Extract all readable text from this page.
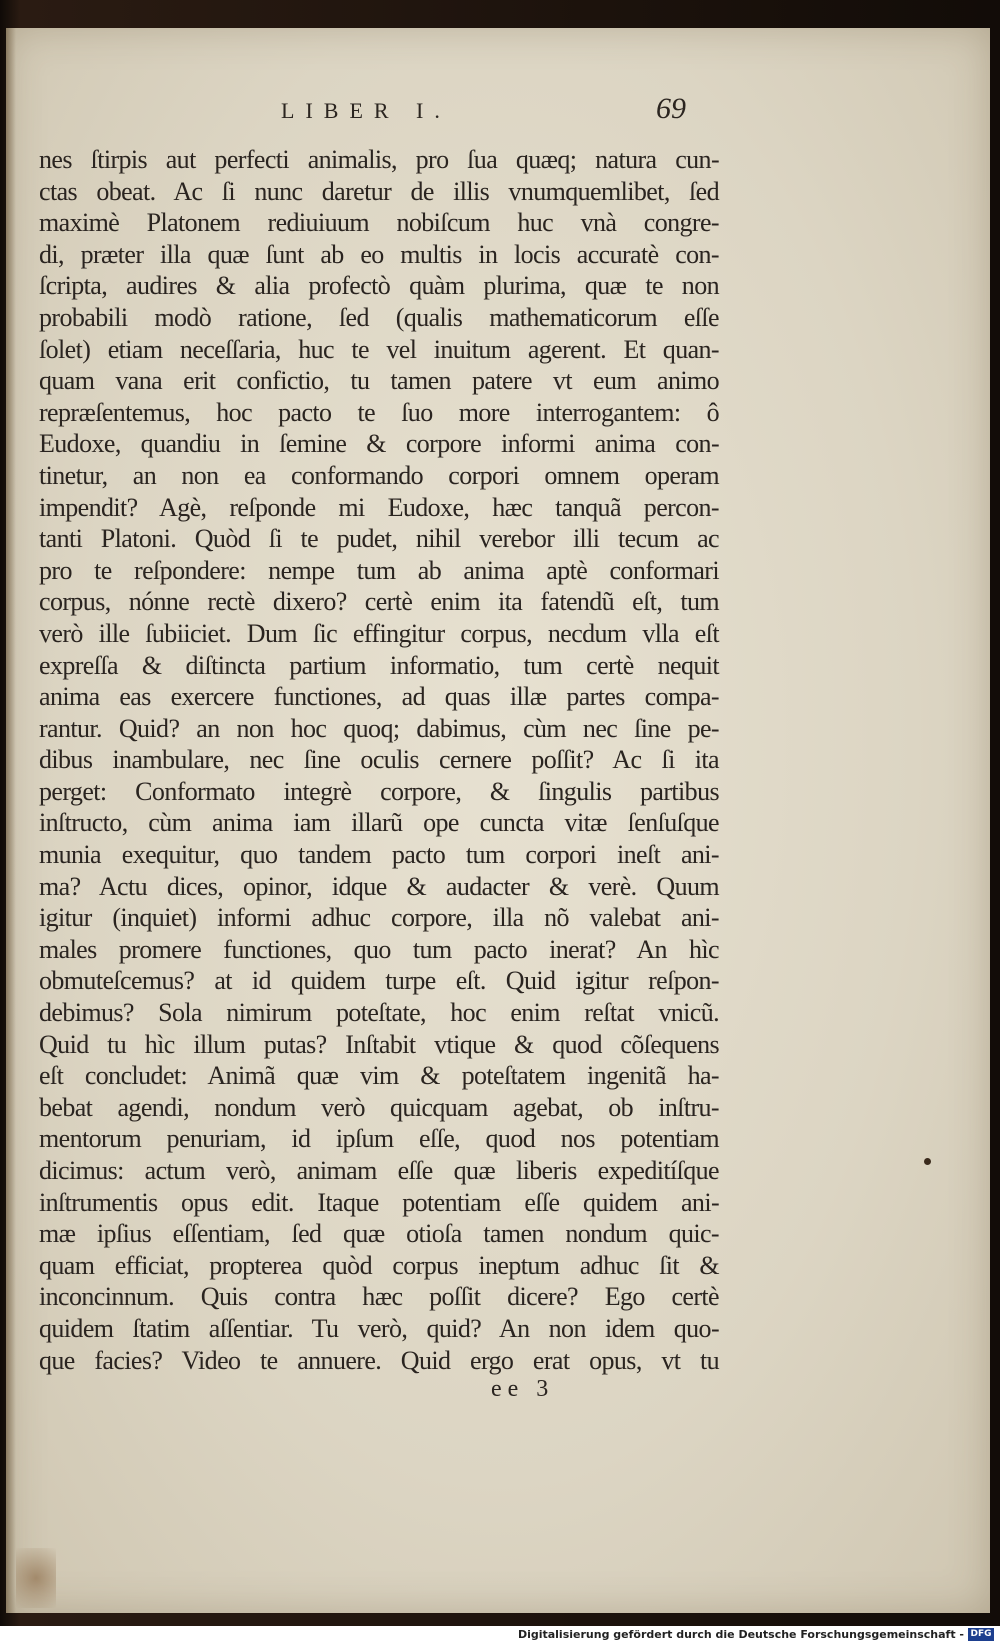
LIBER I.	69
nes ſtirpis aut perfecti animalis, pro ſua quæq; natura cun-
ctas obeat. Ac ſi nunc daretur de illis vnumquemlibet, ſed
maximè Platonem rediuiuum nobiſcum huc vnà congre-
di, præter illa quæ ſunt ab eo multis in locis accuratè con-
ſcripta, audires & alia profectò quàm plurima, quæ te non
probabili modò ratione, ſed (qualis mathematicorum eſſe
ſolet) etiam neceſſaria, huc te vel inuitum agerent. Et quan-
quam vana erit confictio, tu tamen patere vt eum animo
repræſentemus, hoc pacto te ſuo more interrogantem: ô
Eudoxe, quandiu in ſemine & corpore informi anima con-
tinetur, an non ea conformando corpori omnem operam
impendit? Agè, reſponde mi Eudoxe, hæc tanquã percon-
tanti Platoni. Quòd ſi te pudet, nihil verebor illi tecum ac
pro te reſpondere: nempe tum ab anima aptè conformari
corpus, nónne rectè dixero? certè enim ita fatendũ eſt, tum
verò ille ſubiiciet. Dum ſic effingitur corpus, necdum vlla eſt
expreſſa & diſtincta partium informatio, tum certè nequit
anima eas exercere functiones, ad quas illæ partes compa-
rantur. Quid? an non hoc quoq; dabimus, cùm nec ſine pe-
dibus inambulare, nec ſine oculis cernere poſſit? Ac ſi ita
perget: Conformato integrè corpore, & ſingulis partibus
inſtructo, cùm anima iam illarũ ope cuncta vitæ ſenſuſque
munia exequitur, quo tandem pacto tum corpori ineſt ani-
ma? Actu dices, opinor, idque & audacter & verè. Quum
igitur (inquiet) informi adhuc corpore, illa nõ valebat ani-
males promere functiones, quo tum pacto inerat? An hìc
obmuteſcemus? at id quidem turpe eſt. Quid igitur reſpon-
debimus? Sola nimirum poteſtate, hoc enim reſtat vnicũ.
Quid tu hìc illum putas? Inſtabit vtique & quod cõſequens
eſt concludet: Animã quæ vim & poteſtatem ingenitã ha-
bebat agendi, nondum verò quicquam agebat, ob inſtru-
mentorum penuriam, id ipſum eſſe, quod nos potentiam
dicimus: actum verò, animam eſſe quæ liberis expeditíſque
inſtrumentis opus edit. Itaque potentiam eſſe quidem ani-
mæ ipſius eſſentiam, ſed quæ otioſa tamen nondum quic-
quam efficiat, propterea quòd corpus ineptum adhuc ſit &
inconcinnum. Quis contra hæc poſſit dicere? Ego certè
quidem ſtatim aſſentiar. Tu verò, quid? An non idem quo-
que facies? Video te annuere. Quid ergo erat opus, vt tu
ee 3
Digitalisierung gefördert durch die Deutsche Forschungsgemeinschaft - DFG
